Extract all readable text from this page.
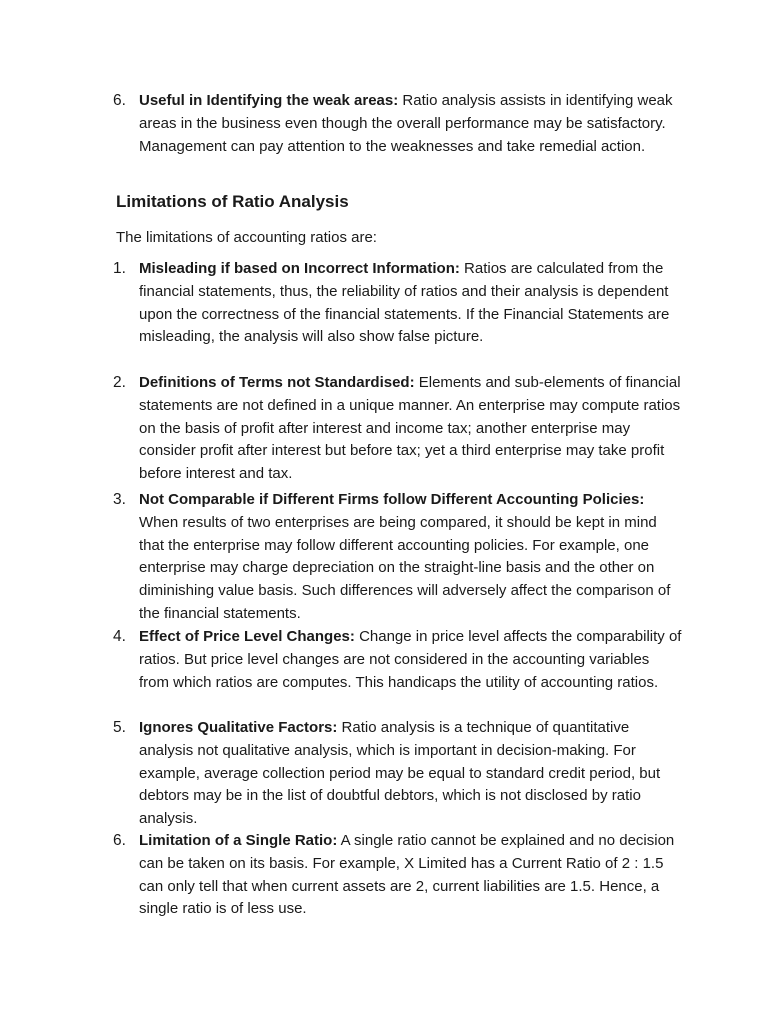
6. Useful in Identifying the weak areas: Ratio analysis assists in identifying weak areas in the business even though the overall performance may be satisfactory. Management can pay attention to the weaknesses and take remedial action.
Limitations of Ratio Analysis
The limitations of accounting ratios are:
1. Misleading if based on Incorrect Information: Ratios are calculated from the financial statements, thus, the reliability of ratios and their analysis is dependent upon the correctness of the financial statements. If the Financial Statements are misleading, the analysis will also show false picture.
2. Definitions of Terms not Standardised: Elements and sub-elements of financial statements are not defined in a unique manner. An enterprise may compute ratios on the basis of profit after interest and income tax; another enterprise may consider profit after interest but before tax; yet a third enterprise may take profit before interest and tax.
3. Not Comparable if Different Firms follow Different Accounting Policies: When results of two enterprises are being compared, it should be kept in mind that the enterprise may follow different accounting policies. For example, one enterprise may charge depreciation on the straight-line basis and the other on diminishing value basis. Such differences will adversely affect the comparison of the financial statements.
4. Effect of Price Level Changes: Change in price level affects the comparability of ratios. But price level changes are not considered in the accounting variables from which ratios are computes. This handicaps the utility of accounting ratios.
5. Ignores Qualitative Factors: Ratio analysis is a technique of quantitative analysis not qualitative analysis, which is important in decision-making. For example, average collection period may be equal to standard credit period, but debtors may be in the list of doubtful debtors, which is not disclosed by ratio analysis.
6. Limitation of a Single Ratio: A single ratio cannot be explained and no decision can be taken on its basis. For example, X Limited has a Current Ratio of 2 : 1.5 can only tell that when current assets are 2, current liabilities are 1.5. Hence, a single ratio is of less use.
